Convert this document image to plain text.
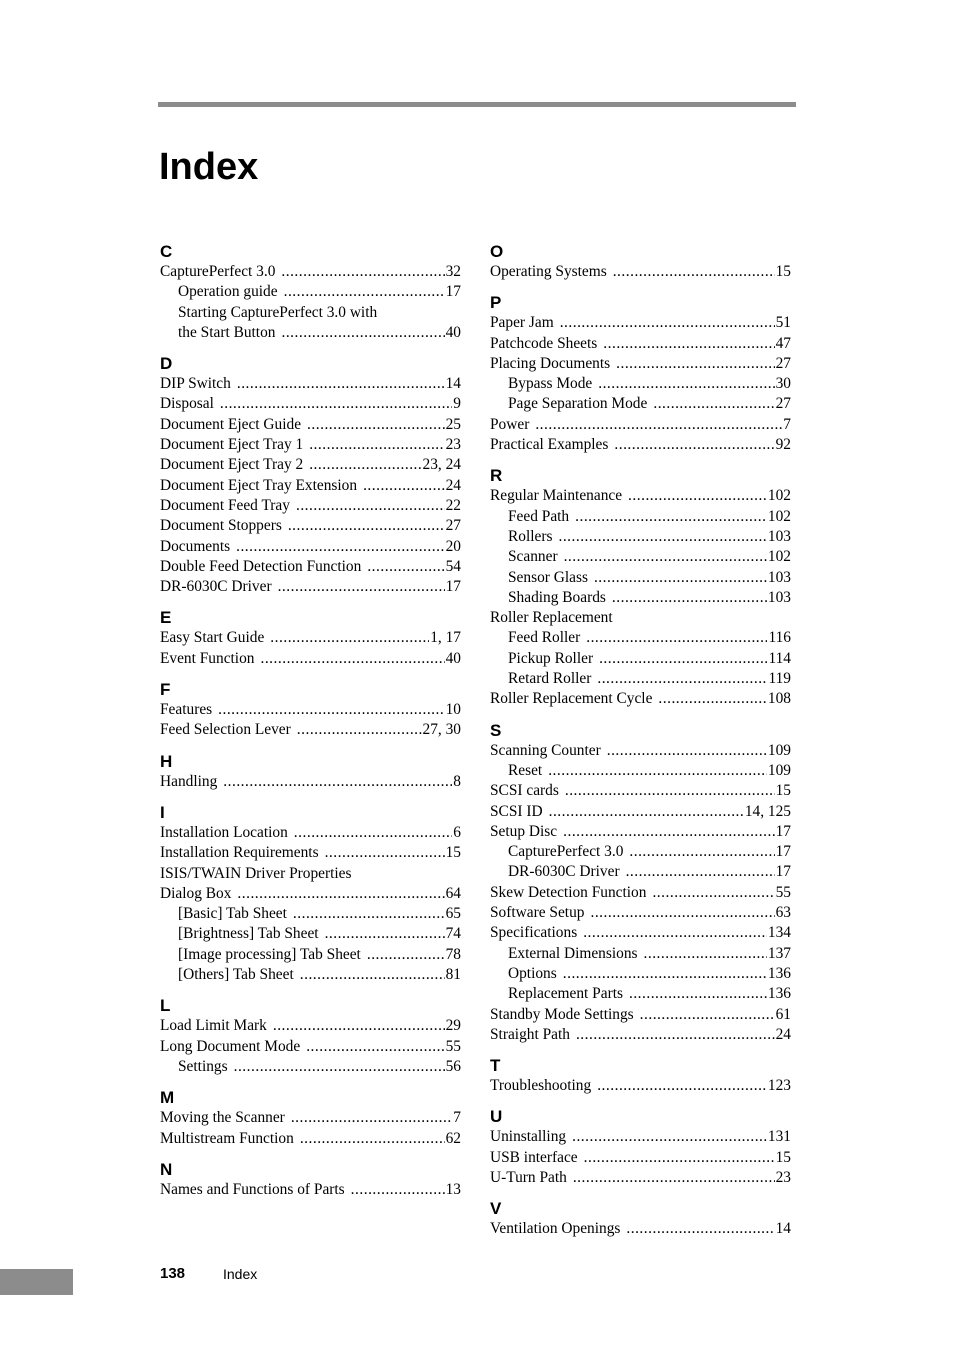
Index
C
CapturePerfect 3.0 .....	32
Operation guide .....	17
Starting CapturePerfect 3.0 with
the Start Button .....	40
D
DIP Switch .....	14
Disposal .....	9
Document Eject Guide .....	25
Document Eject Tray 1 .....	23
Document Eject Tray 2 .....	23, 24
Document Eject Tray Extension .....	24
Document Feed Tray .....	22
Document Stoppers .....	27
Documents .....	20
Double Feed Detection Function .....	54
DR-6030C Driver .....	17
E
Easy Start Guide .....	1, 17
Event Function .....	40
F
Features .....	10
Feed Selection Lever .....	27, 30
H
Handling .....	8
I
Installation Location .....	6
Installation Requirements .....	15
ISIS/TWAIN Driver Properties
Dialog Box .....	64
[Basic] Tab Sheet .....	65
[Brightness] Tab Sheet .....	74
[Image processing] Tab Sheet .....	78
[Others] Tab Sheet .....	81
L
Load Limit Mark .....	29
Long Document Mode .....	55
Settings .....	56
M
Moving the Scanner .....	7
Multistream Function .....	62
N
Names and Functions of Parts .....	13
O
Operating Systems .....	15
P
Paper Jam .....	51
Patchcode Sheets .....	47
Placing Documents .....	27
Bypass Mode .....	30
Page Separation Mode .....	27
Power .....	7
Practical Examples .....	92
R
Regular Maintenance .....	102
Feed Path .....	102
Rollers .....	103
Scanner .....	102
Sensor Glass .....	103
Shading Boards .....	103
Roller Replacement
Feed Roller .....	116
Pickup Roller .....	114
Retard Roller .....	119
Roller Replacement Cycle .....	108
S
Scanning Counter .....	109
Reset .....	109
SCSI cards .....	15
SCSI ID .....	14, 125
Setup Disc .....	17
CapturePerfect 3.0 .....	17
DR-6030C Driver .....	17
Skew Detection Function .....	55
Software Setup .....	63
Specifications .....	134
External Dimensions .....	137
Options .....	136
Replacement Parts .....	136
Standby Mode Settings .....	61
Straight Path .....	24
T
Troubleshooting .....	123
U
Uninstalling .....	131
USB interface .....	15
U-Turn Path .....	23
V
Ventilation Openings .....	14
138	Index
